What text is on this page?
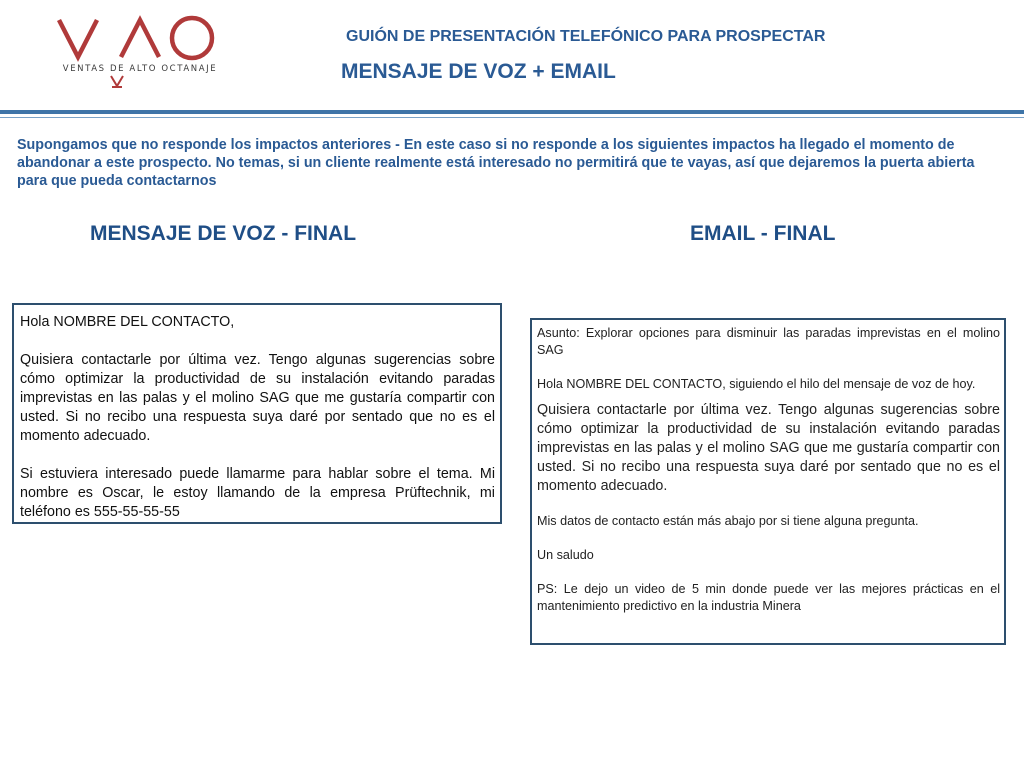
VENTAS DE ALTO OCTANAJE
GUIÓN DE PRESENTACIÓN TELEFÓNICO PARA PROSPECTAR
MENSAJE DE VOZ + EMAIL
Supongamos que no responde los impactos anteriores - En este caso si no responde a los siguientes impactos ha llegado el momento de abandonar a este prospecto. No temas, si un cliente realmente está interesado no permitirá que te vayas, así que dejaremos la puerta abierta para que pueda contactarnos
MENSAJE DE VOZ - FINAL	EMAIL - FINAL

Hola NOMBRE DEL CONTACTO,

Quisiera contactarle por última vez. Tengo algunas sugerencias sobre cómo optimizar la productividad de su instalación evitando paradas imprevistas en las palas y el molino SAG que me gustaría compartir con usted. Si no recibo una respuesta suya daré por sentado que no es el momento adecuado.

Si estuviera interesado puede llamarme para hablar sobre el tema. Mi nombre es Oscar, le estoy llamando de la empresa Prüftechnik, mi teléfono es 555-55-55-55

Asunto: Explorar opciones para disminuir las paradas imprevistas en el molino SAG

Hola NOMBRE DEL CONTACTO, siguiendo el hilo del mensaje de voz de hoy.

Quisiera contactarle por última vez. Tengo algunas sugerencias sobre cómo optimizar la productividad de su instalación evitando paradas imprevistas en las palas y el molino SAG que me gustaría compartir con usted. Si no recibo una respuesta suya daré por sentado que no es el momento adecuado.

Mis datos de contacto están más abajo por si tiene alguna pregunta.

Un saludo

PS: Le dejo un video de 5 min donde puede ver las mejores prácticas en el mantenimiento predictivo en la industria Minera
